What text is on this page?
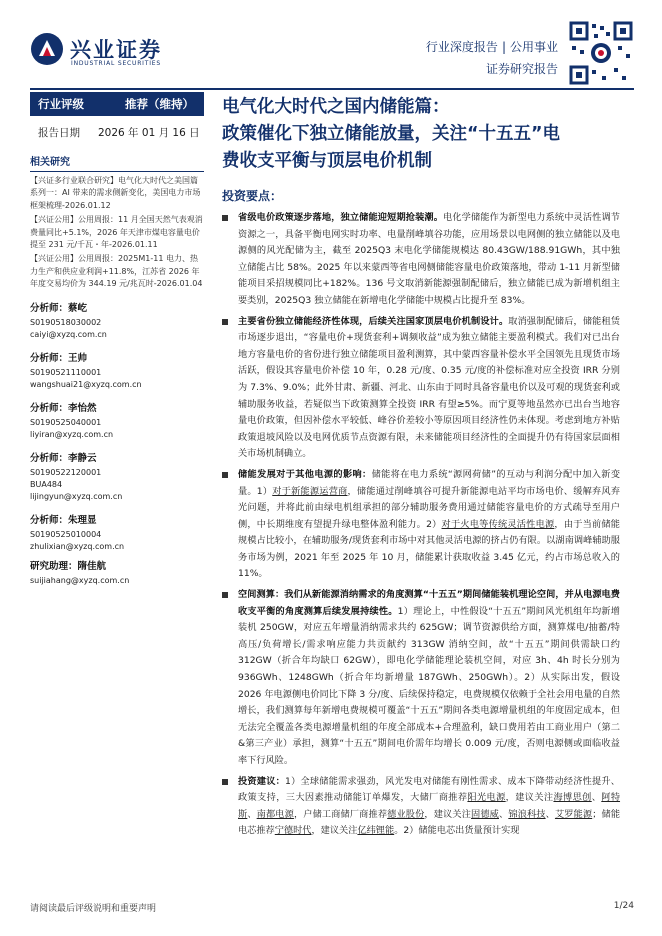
兴业证券
INDUSTRIAL SECURITIES
行业深度报告 | 公用事业
证券研究报告
行业评级	推荐（维持）
报告日期 2026 年 01 月 16 日
相关研究
【兴证多行业联合研究】电气化大时代之美国篇系列一：AI 带来的需求侧新变化，美国电力市场框架梳理-2026.01.12
【兴证公用】公用周报：11 月全国天然气表观消费量同比+5.1%，2026 年天津市煤电容量电价提至 231 元/千瓦・年-2026.01.11
【兴证公用】公用周报：2025M1-11 电力、热力生产和供应业利润+11.8%，江苏省 2026 年年度交易均价为 344.19 元/兆瓦时-2026.01.04
分析师：蔡屹
S0190518030002
caiyi@xyzq.com.cn
分析师：王帅
S0190521110001
wangshuai21@xyzq.com.cn
分析师：李怡然
S0190525040001
liyiran@xyzq.com.cn
分析师：李静云
S0190522120001
BUA484
lijingyun@xyzq.com.cn
分析师：朱理显
S0190525010004
zhulixian@xyzq.com.cn
研究助理：隋佳航
suijiahang@xyzq.com.cn
电气化大时代之国内储能篇：
政策催化下独立储能放量，关注“十五五”电
费收支平衡与顶层电价机制
投资要点：
省级电价政策逐步落地，独立储能迎短期抢装潮。电化学储能作为新型电力系统中灵活性调节资源之一，具备平衡电网实时功率、电量削峰填谷功能，应用场景以电网侧的独立储能以及电源侧的风光配储为主，截至 2025Q3 末电化学储能规模达 80.43GW/188.91GWh，其中独立储能占比 58%。2025 年以来蒙西等省电网侧储能容量电价政策落地，带动 1-11 月新型储能项目采招规模同比+182%。136 号文取消新能源强制配储后，独立储能已成为新增机组主要类别，2025Q3 独立储能在新增电化学储能中规模占比提升至 83%。
主要省份独立储能经济性体现，后续关注国家顶层电价机制设计。取消强制配储后，储能租赁市场逐步退出，“容量电价+现货套利+调频收益”成为独立储能主要盈利模式。我们对已出台地方容量电价的省份进行独立储能项目盈利测算，其中蒙西容量补偿水平全国领先且现货市场活跃，假设其容量电价补偿 10 年，0.28 元/度、0.35 元/度的补偿标准对应全投资 IRR 分别为 7.3%、9.0%；此外甘肃、新疆、河北、山东由于同时具备容量电价以及可观的现货套利或辅助服务收益，若疑似当下政策测算全投资 IRR 有望≥5%。而宁夏等地虽然亦已出台当地容量电价政策，但因补偿水平较低、峰谷价差较小等原因项目经济性仍未体现。考虑到地方补贴政策退坡风险以及电网优质节点资源有限，未来储能项目经济性的全面提升仍有待国家层面相关市场机制确立。
储能发展对于其他电源的影响：储能将在电力系统“源网荷储”的互动与利润分配中加入新变量。1）对于新能源运营商，储能通过削峰填谷可提升新能源电站平均市场电价、缓解弃风弃光问题，并将此前由绿电机组承担的部分辅助服务费用通过储能容量电价的方式疏导至用户侧，中长期维度有望提升绿电整体盈利能力。2）对于火电等传统灵活性电源，由于当前储能规模占比较小，在辅助服务/现货套利市场中对其他灵活电源的挤占仍有限。以湖南调峰辅助服务市场为例，2021 年至 2025 年 10 月，储能累计获取收益 3.45 亿元，约占市场总收入的 11%。
空间测算：我们从新能源消纳需求的角度测算“十五五”期间储能装机理论空间，并从电源电费收支平衡的角度测算后续发展持续性。1）理论上，中性假设“十五五”期间风光机组年均新增装机 250GW，对应五年增量消纳需求共约 625GW；调节资源供给方面，测算煤电/抽蓄/特高压/负荷增长/需求响应能力共贡献约 313GW 消纳空间，故“十五五”期间供需缺口约 312GW（折合年均缺口 62GW），即电化学储能理论装机空间，对应 3h、4h 时长分别为 936GWh、1248GWh（折合年均新增量 187GWh、250GWh）。2）从实际出发，假设 2026 年电源侧电价同比下降 3 分/度、后续保持稳定，电费规模仅依赖于全社会用电量的自然增长，我们测算每年新增电费规模可覆盖“十五五”期间各类电源增量机组的年度固定成本，但无法完全覆盖各类电源增量机组的年度全部成本+合理盈利，缺口费用若由工商业用户（第二&第三产业）承担，测算“十五五”期间电价需年均增长 0.009 元/度，否则电源侧或面临收益率下行风险。
投资建议：1）全球储能需求强劲，风光发电对储能有刚性需求、成本下降带动经济性提升、政策支持，三大因素推动储能订单爆发，大储厂商推荐阳光电源，建议关注海博思创、阿特斯、南都电源，户储工商储厂商推荐德业股份，建议关注固德威、锦浪科技、艾罗能源；储能电芯推荐宁德时代，建议关注亿纬锂能。2）储能电芯出货量预计实现
请阅读最后评级说明和重要声明	1/24
